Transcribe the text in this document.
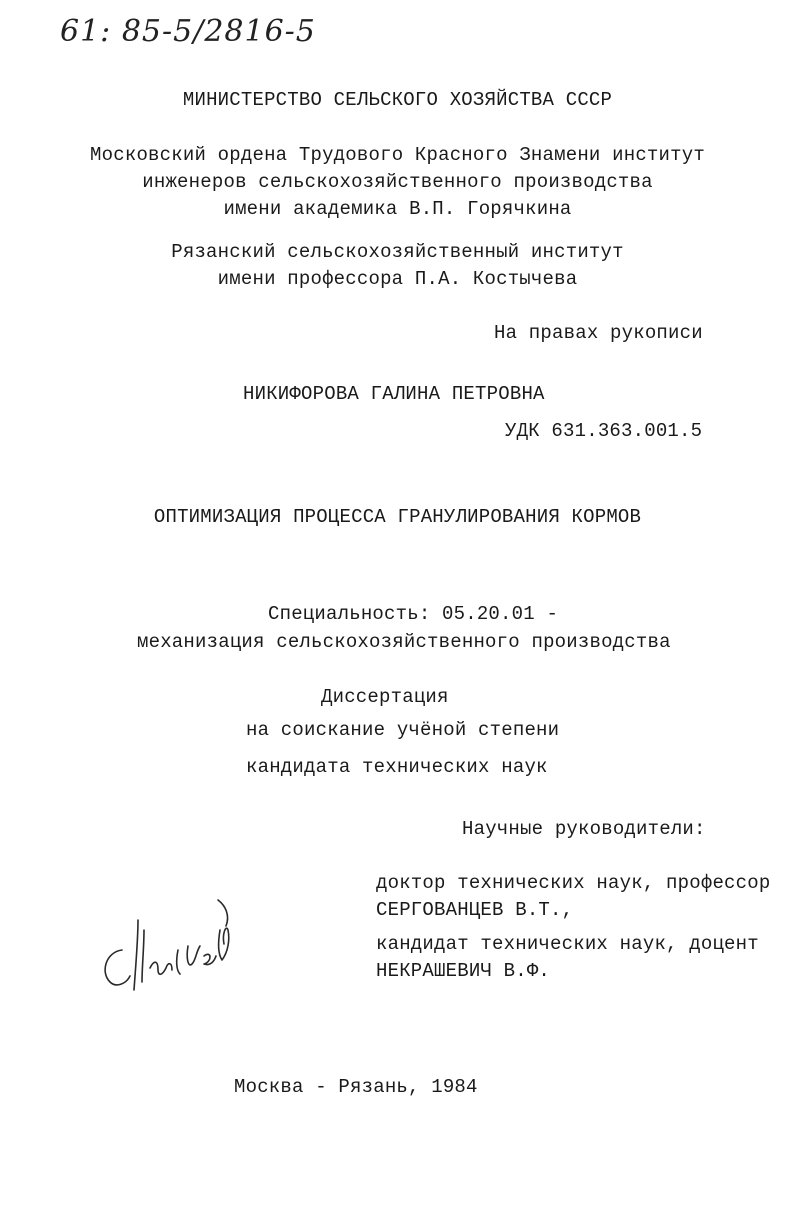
61: 85-5/2816-5
МИНИСТЕРСТВО СЕЛЬСКОГО ХОЗЯЙСТВА СССР
Московский ордена Трудового Красного Знамени институт
инженеров сельскохозяйственного производства
имени академика В.П. Горячкина
Рязанский сельскохозяйственный институт
имени профессора П.А. Костычева
На правах рукописи
НИКИФОРОВА ГАЛИНА ПЕТРОВНА
УДК 631.363.001.5
ОПТИМИЗАЦИЯ ПРОЦЕССА ГРАНУЛИРОВАНИЯ КОРМОВ
Специальность: 05.20.01 -
механизация сельскохозяйственного производства
Диссертация
на соискание учёной степени
кандидата технических наук
Научные руководители:
доктор технических наук, профессор
СЕРГОВАНЦЕВ В.Т.,
кандидат технических наук, доцент
НЕКРАШЕВИЧ В.Ф.
Москва - Рязань, 1984
